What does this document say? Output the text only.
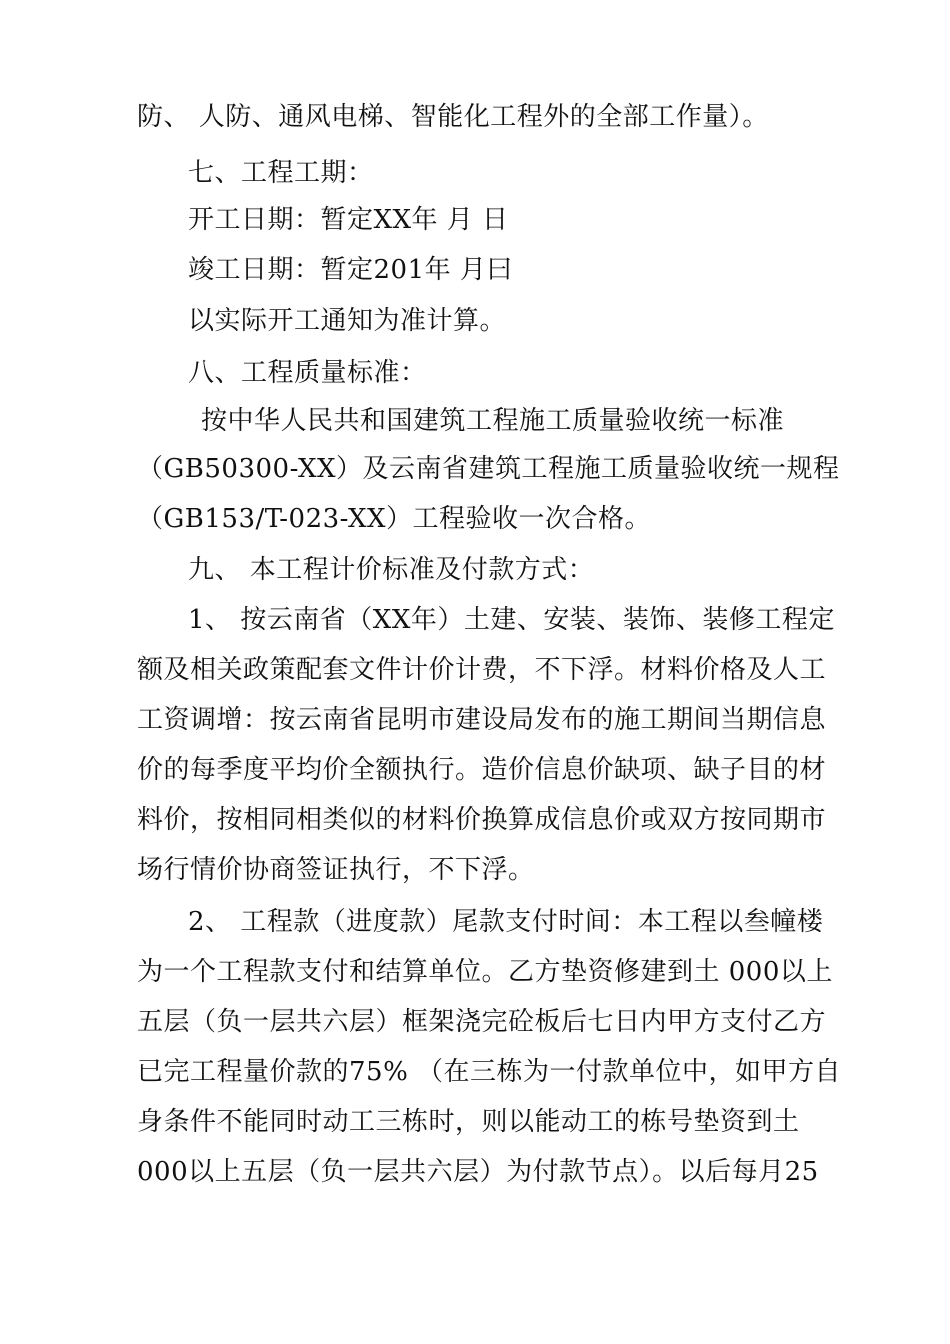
防、 人防、通风电梯、智能化工程外的全部工作量）。

七、工程工期：

开工日期：暂定XX年 月 日

竣工日期：暂定201年 月曰

以实际开工通知为准计算。

八、工程质量标准：

按中华人民共和国建筑工程施工质量验收统一标准

（GB50300-XX）及云南省建筑工程施工质量验收统一规程

（GB153/T-023-XX）工程验收一次合格。

九、 本工程计价标准及付款方式：

1、 按云南省（XX年）土建、安装、装饰、装修工程定

额及相关政策配套文件计价计费，不下浮。材料价格及人工

工资调增：按云南省昆明市建设局发布的施工期间当期信息

价的每季度平均价全额执行。造价信息价缺项、缺子目的材

料价，按相同相类似的材料价换算成信息价或双方按同期市

场行情价协商签证执行，不下浮。

2、 工程款（进度款）尾款支付时间：本工程以叁幢楼

为一个工程款支付和结算单位。乙方垫资修建到土 000以上

五层（负一层共六层）框架浇完砼板后七日内甲方支付乙方

已完工程量价款的75% （在三栋为一付款单位中，如甲方自

身条件不能同时动工三栋时，则以能动工的栋号垫资到土

000以上五层（负一层共六层）为付款节点）。以后每月25
